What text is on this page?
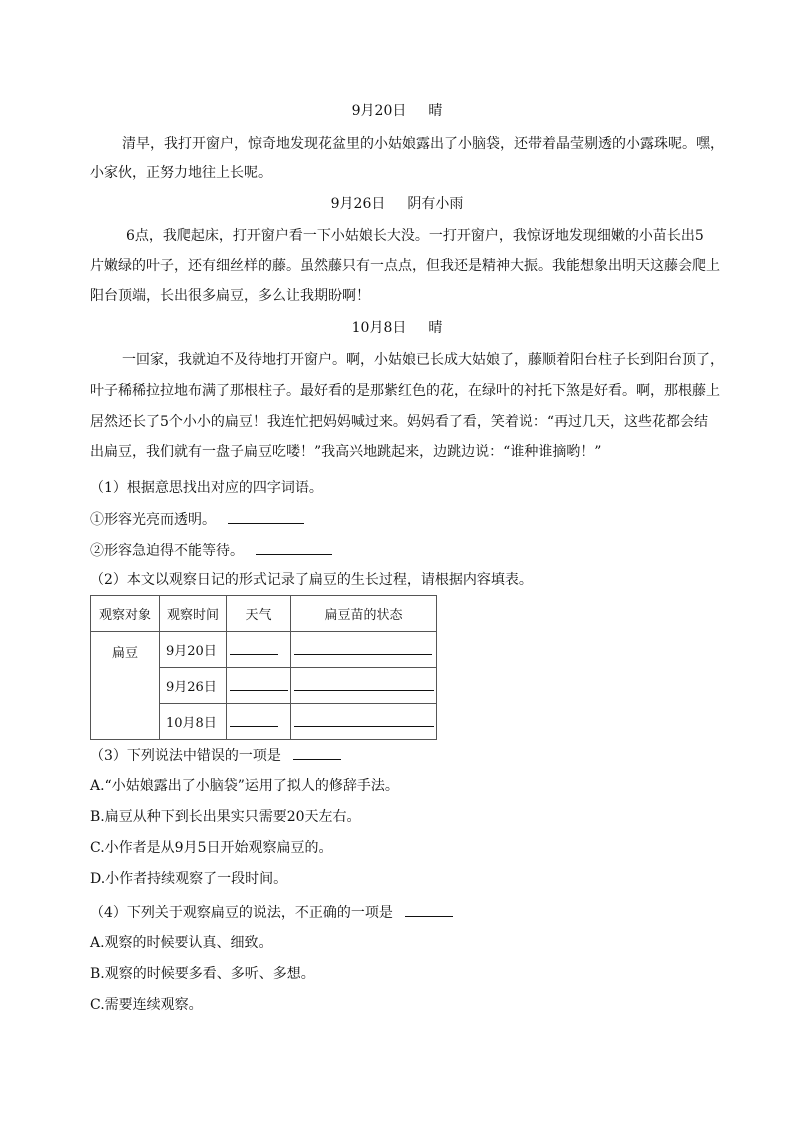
9月20日 晴
清早，我打开窗户，惊奇地发现花盆里的小姑娘露出了小脑袋，还带着晶莹剔透的小露珠呢。嘿，
小家伙，正努力地往上长呢。
9月26日 阴有小雨
6点，我爬起床，打开窗户看一下小姑娘长大没。一打开窗户，我惊讶地发现细嫩的小苗长出5
片嫩绿的叶子，还有细丝样的藤。虽然藤只有一点点，但我还是精神大振。我能想象出明天这藤会爬上
阳台顶端，长出很多扁豆，多么让我期盼啊！
10月8日 晴
一回家，我就迫不及待地打开窗户。啊，小姑娘已长成大姑娘了，藤顺着阳台柱子长到阳台顶了，
叶子稀稀拉拉地布满了那根柱子。最好看的是那紫红色的花，在绿叶的衬托下煞是好看。啊，那根藤上
居然还长了5个小小的扁豆！我连忙把妈妈喊过来。妈妈看了看，笑着说：“再过几天，这些花都会结
出扁豆，我们就有一盘子扁豆吃喽！”我高兴地跳起来，边跳边说：“谁种谁摘哟！”
（1）根据意思找出对应的四字词语。
①形容光亮而透明。
②形容急迫得不能等待。
（2）本文以观察日记的形式记录了扁豆的生长过程，请根据内容填表。
观察对象	观察时间	天气	扁豆苗的状态
扁豆	9月20日		
	9月26日		
	10月8日		
（3）下列说法中错误的一项是
A.“小姑娘露出了小脑袋”运用了拟人的修辞手法。
B.扁豆从种下到长出果实只需要20天左右。
C.小作者是从9月5日开始观察扁豆的。
D.小作者持续观察了一段时间。
（4）下列关于观察扁豆的说法，不正确的一项是
A.观察的时候要认真、细致。
B.观察的时候要多看、多听、多想。
C.需要连续观察。
